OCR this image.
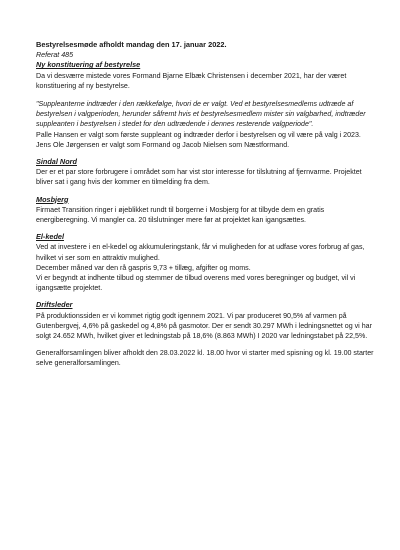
Bestyrelsesmøde afholdt mandag den 17. januar 2022.

Referat 485

Ny konstituering af bestyrelse

Da vi desværre mistede vores Formand Bjarne Elbæk Christensen i december 2021, har der været konstituering af ny bestyrelse.

"Suppleanterne indtræder i den rækkefølge, hvori de er valgt. Ved et bestyrelsesmedlems udtræde af bestyrelsen i valgperioden, herunder såfremt hvis et bestyrelsesmedlem mister sin valgbarhed, indtræder suppleanten i bestyrelsen i stedet for den udtrædende i dennes resterende valgperiode".

Palle Hansen er valgt som første suppleant og indtræder derfor i bestyrelsen og vil være på valg i 2023.

Jens Ole Jørgensen er valgt som Formand og Jacob Nielsen som Næstformand.

Sindal Nord

Der er et par store forbrugere i området som har vist stor interesse for tilslutning af fjernvarme. Projektet bliver sat i gang hvis der kommer en tilmelding fra dem.

Mosbjerg

Firmaet Transition ringer i øjeblikket rundt til borgerne i Mosbjerg for at tilbyde dem en gratis energiberegning. Vi mangler ca. 20 tilslutninger mere før at projektet kan igangsættes.

El-kedel

Ved at investere i en el-kedel og akkumuleringstank, får vi muligheden for at udfase vores forbrug af gas, hvilket vi ser som en attraktiv mulighed.

December måned var den rå gaspris 9,73 + tillæg, afgifter og moms.

Vi er begyndt at indhente tilbud og stemmer de tilbud overens med vores beregninger og budget, vil vi igangsætte projektet.

Driftsleder

På produktionssiden er vi kommet rigtig godt igennem 2021. Vi par produceret 90,5% af varmen på Gutenbergvej, 4,6% på gaskedel og 4,8% på gasmotor. Der er sendt 30.297 MWh i ledningsnettet og vi har solgt 24.652 MWh, hvilket giver et ledningstab på 18,6% (8.863 MWh) I 2020 var ledningstabet på 22,5%.

Generalforsamlingen bliver afholdt den 28.03.2022 kl. 18.00 hvor vi starter med spisning og kl. 19.00 starter selve generalforsamlingen.
